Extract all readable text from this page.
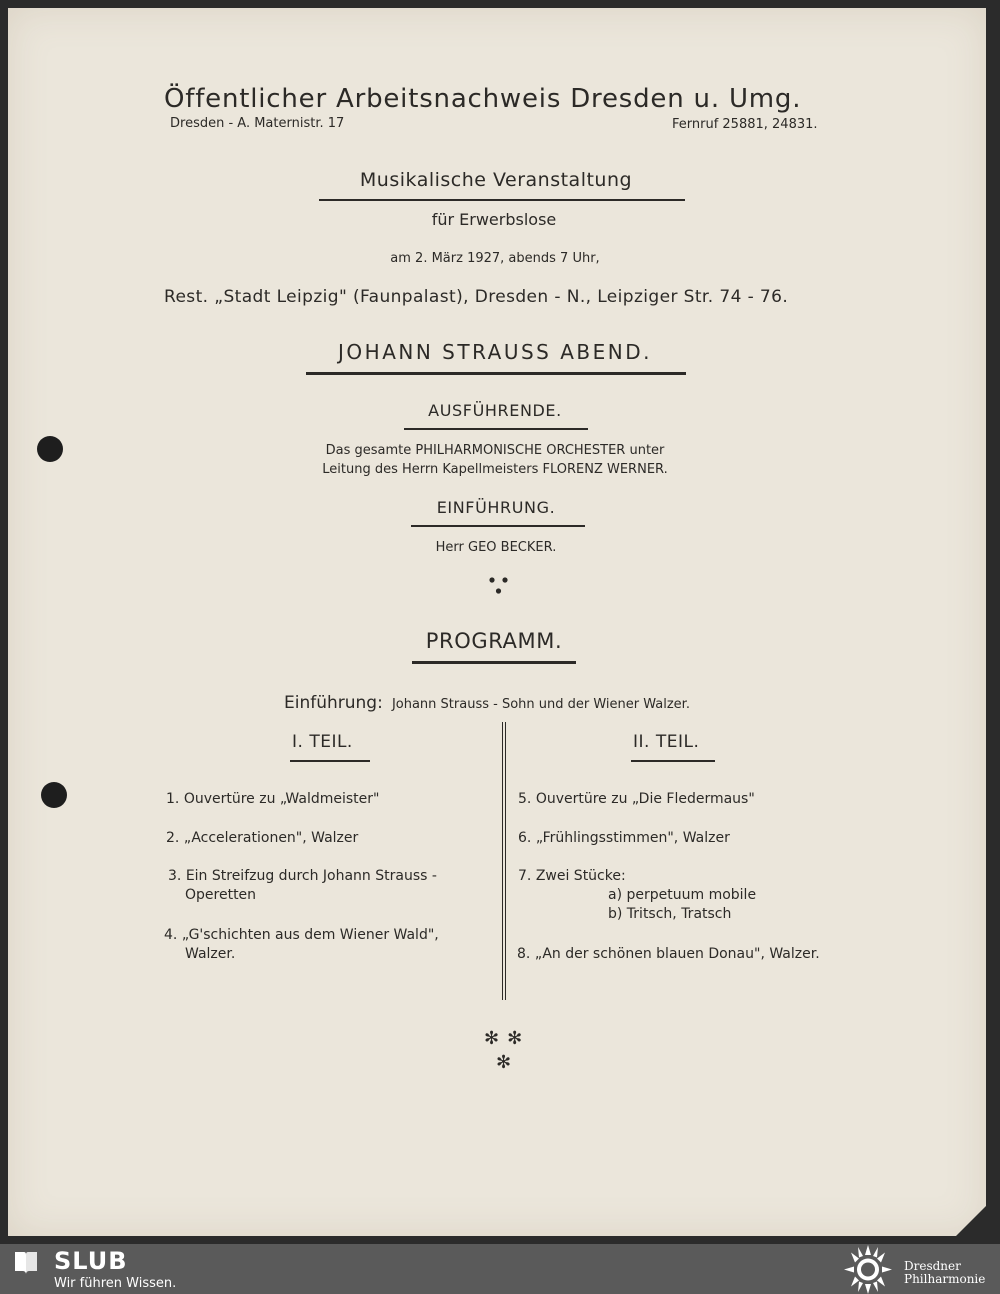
Öffentlicher Arbeitsnachweis Dresden u. Umg.
Dresden - A. Maternistr. 17	Fernruf 25881, 24831.
Musikalische Veranstaltung
für Erwerbslose
am 2. März 1927, abends 7 Uhr,
Rest. „Stadt Leipzig" (Faunpalast), Dresden - N., Leipziger Str. 74 - 76.
JOHANN STRAUSS ABEND.
AUSFÜHRENDE.
Das gesamte PHILHARMONISCHE ORCHESTER unter
Leitung des Herrn Kapellmeisters FLORENZ WERNER.
EINFÜHRUNG.
Herr GEO BECKER.
PROGRAMM.
Einführung: Johann Strauss - Sohn und der Wiener Walzer.
I. TEIL.	II. TEIL.
1. Ouvertüre zu „Waldmeister"
2. „Accelerationen", Walzer
3. Ein Streifzug durch Johann Strauss -
Operetten
4. „G'schichten aus dem Wiener Wald",
Walzer.
5. Ouvertüre zu „Die Fledermaus"
6. „Frühlingsstimmen", Walzer
7. Zwei Stücke:
a) perpetuum mobile
b) Tritsch, Tratsch
8. „An der schönen blauen Donau", Walzer.
✻✻
✻
SLUB
Wir führen Wissen.
Dresdner
Philharmonie
